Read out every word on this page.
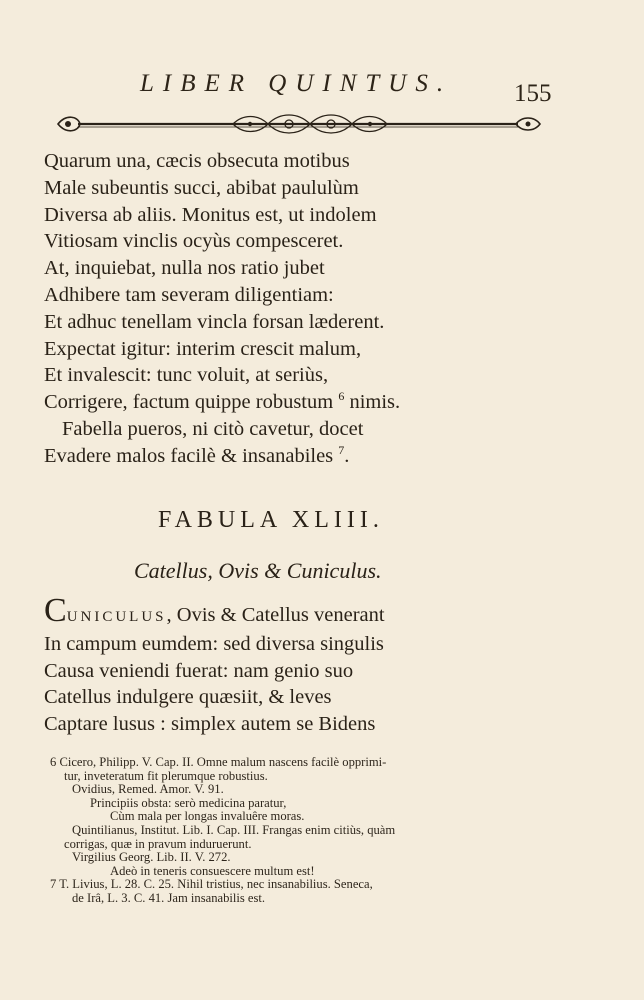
LIBER QUINTUS. 155
Quarum una, cæcis obsecuta motibus
Male subeuntis succi, abibat paululùm
Diversa ab aliis. Monitus est, ut indolem
Vitiosam vinclis ocyùs compesceret.
At, inquiebat, nulla nos ratio jubet
Adhibere tam severam diligentiam:
Et adhuc tenellam vincla forsan læderent.
Expectat igitur: interim crescit malum,
Et invalescit: tunc voluit, at seriùs,
Corrigere, factum quippe robustum $^6$ nimis.
Fabella pueros, ni citò cavetur, docet
Evadere malos facilè & insanabiles $^7$.
FABULA XLIII.
Catellus, Ovis & Cuniculus.
CUNICULUS, Ovis & Catellus venerant
In campum eumdem: sed diversa singulis
Causa veniendi fuerat: nam genio suo
Catellus indulgere quæsiit, & leves
Captare lusus : simplex autem se Bidens
6 Cicero, Philipp. V. Cap. II. Omne malum nascens facilè opprimi-
tur, inveteratum fit plerumque robustius.
Ovidius, Remed. Amor. V. 91.
Principiis obsta: serò medicina paratur,
Cùm mala per longas invaluêre moras.
Quintilianus, Institut. Lib. I. Cap. III. Frangas enim citiùs, quàm
corrigas, quæ in pravum induruerunt.
Virgilius Georg. Lib. II. V. 272.
Adeò in teneris consuescere multum est!
7 T. Livius, L. 28. C. 25. Nihil tristius, nec insanabilius. Seneca,
de Irâ, L. 3. C. 41. Jam insanabilis est.
